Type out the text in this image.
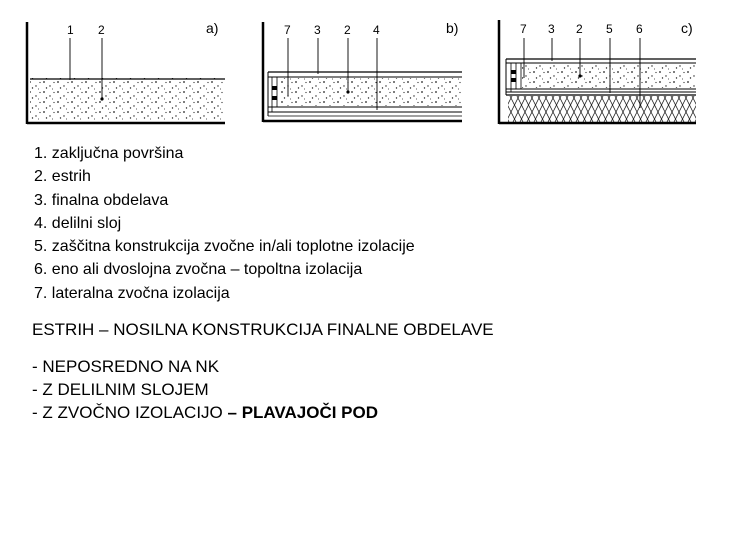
1 2	a)	7 3 2 4	b)	7 3 2 5 6	c)
1. zaključna površina
2. estrih
3. finalna obdelava
4. delilni sloj
5. zaščitna konstrukcija zvočne in/ali toplotne izolacije
6. eno ali dvoslojna zvočna – topoltna izolacija
7. lateralna zvočna izolacija
ESTRIH – NOSILNA KONSTRUKCIJA FINALNE OBDELAVE
- NEPOSREDNO NA NK
- Z DELILNIM SLOJEM
- Z ZVOČNO IZOLACIJO – PLAVAJOČI POD
